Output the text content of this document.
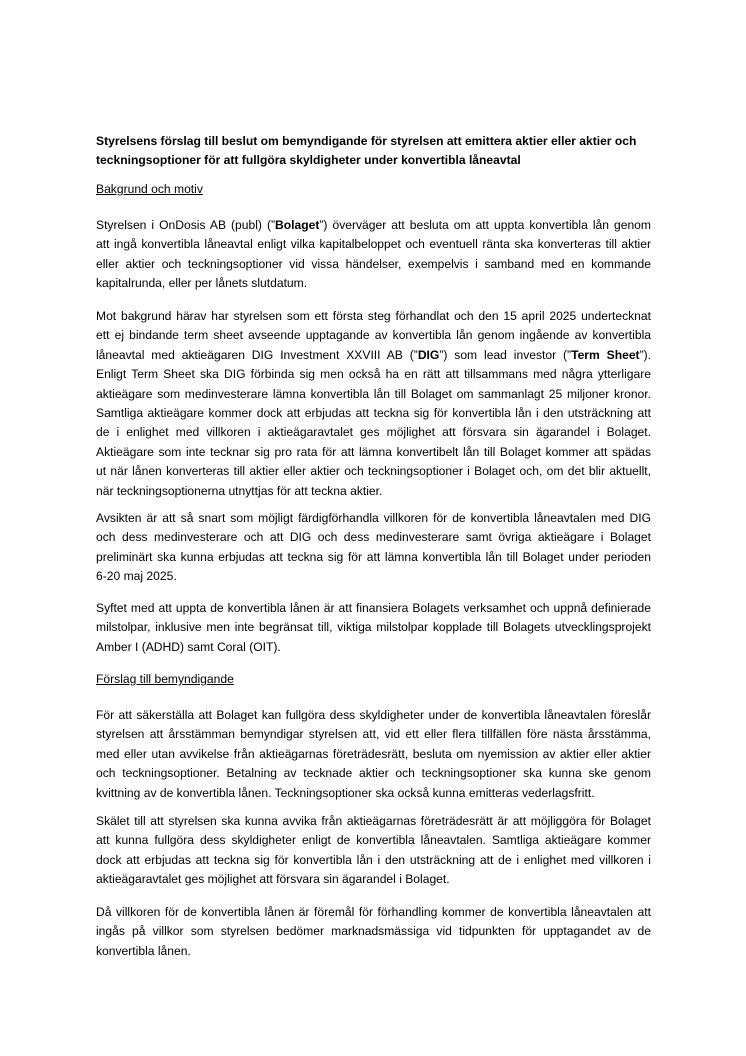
Styrelsens förslag till beslut om bemyndigande för styrelsen att emittera aktier eller aktier och
teckningsoptioner för att fullgöra skyldigheter under konvertibla låneavtal
Bakgrund och motiv
Styrelsen i OnDosis AB (publ) (”Bolaget”) överväger att besluta om att uppta konvertibla lån genom
att ingå konvertibla låneavtal enligt vilka kapitalbeloppet och eventuell ränta ska konverteras till aktier
eller aktier och teckningsoptioner vid vissa händelser, exempelvis i samband med en kommande
kapitalrunda, eller per lånets slutdatum.
Mot bakgrund härav har styrelsen som ett första steg förhandlat och den 15 april 2025 undertecknat
ett ej bindande term sheet avseende upptagande av konvertibla lån genom ingående av konvertibla
låneavtal med aktieägaren DIG Investment XXVIII AB (”DIG”) som lead investor (”Term Sheet”).
Enligt Term Sheet ska DIG förbinda sig men också ha en rätt att tillsammans med några ytterligare
aktieägare som medinvesterare lämna konvertibla lån till Bolaget om sammanlagt 25 miljoner kronor.
Samtliga aktieägare kommer dock att erbjudas att teckna sig för konvertibla lån i den utsträckning att
de i enlighet med villkoren i aktieägaravtalet ges möjlighet att försvara sin ägarandel i Bolaget.
Aktieägare som inte tecknar sig pro rata för att lämna konvertibelt lån till Bolaget kommer att spädas
ut när lånen konverteras till aktier eller aktier och teckningsoptioner i Bolaget och, om det blir aktuellt,
när teckningsoptionerna utnyttjas för att teckna aktier.
Avsikten är att så snart som möjligt färdigförhandla villkoren för de konvertibla låneavtalen med DIG
och dess medinvesterare och att DIG och dess medinvesterare samt övriga aktieägare i Bolaget
preliminärt ska kunna erbjudas att teckna sig för att lämna konvertibla lån till Bolaget under perioden
6-20 maj 2025.
Syftet med att uppta de konvertibla lånen är att finansiera Bolagets verksamhet och uppnå definierade
milstolpar, inklusive men inte begränsat till, viktiga milstolpar kopplade till Bolagets utvecklingsprojekt
Amber I (ADHD) samt Coral (OIT).
Förslag till bemyndigande
För att säkerställa att Bolaget kan fullgöra dess skyldigheter under de konvertibla låneavtalen föreslår
styrelsen att årsstämman bemyndigar styrelsen att, vid ett eller flera tillfällen före nästa årsstämma,
med eller utan avvikelse från aktieägarnas företrädesrätt, besluta om nyemission av aktier eller aktier
och teckningsoptioner. Betalning av tecknade aktier och teckningsoptioner ska kunna ske genom
kvittning av de konvertibla lånen. Teckningsoptioner ska också kunna emitteras vederlagsfritt.
Skälet till att styrelsen ska kunna avvika från aktieägarnas företrädesrätt är att möjliggöra för Bolaget
att kunna fullgöra dess skyldigheter enligt de konvertibla låneavtalen. Samtliga aktieägare kommer
dock att erbjudas att teckna sig för konvertibla lån i den utsträckning att de i enlighet med villkoren i
aktieägaravtalet ges möjlighet att försvara sin ägarandel i Bolaget.
Då villkoren för de konvertibla lånen är föremål för förhandling kommer de konvertibla låneavtalen att
ingås på villkor som styrelsen bedömer marknadsmässiga vid tidpunkten för upptagandet av de
konvertibla lånen.
